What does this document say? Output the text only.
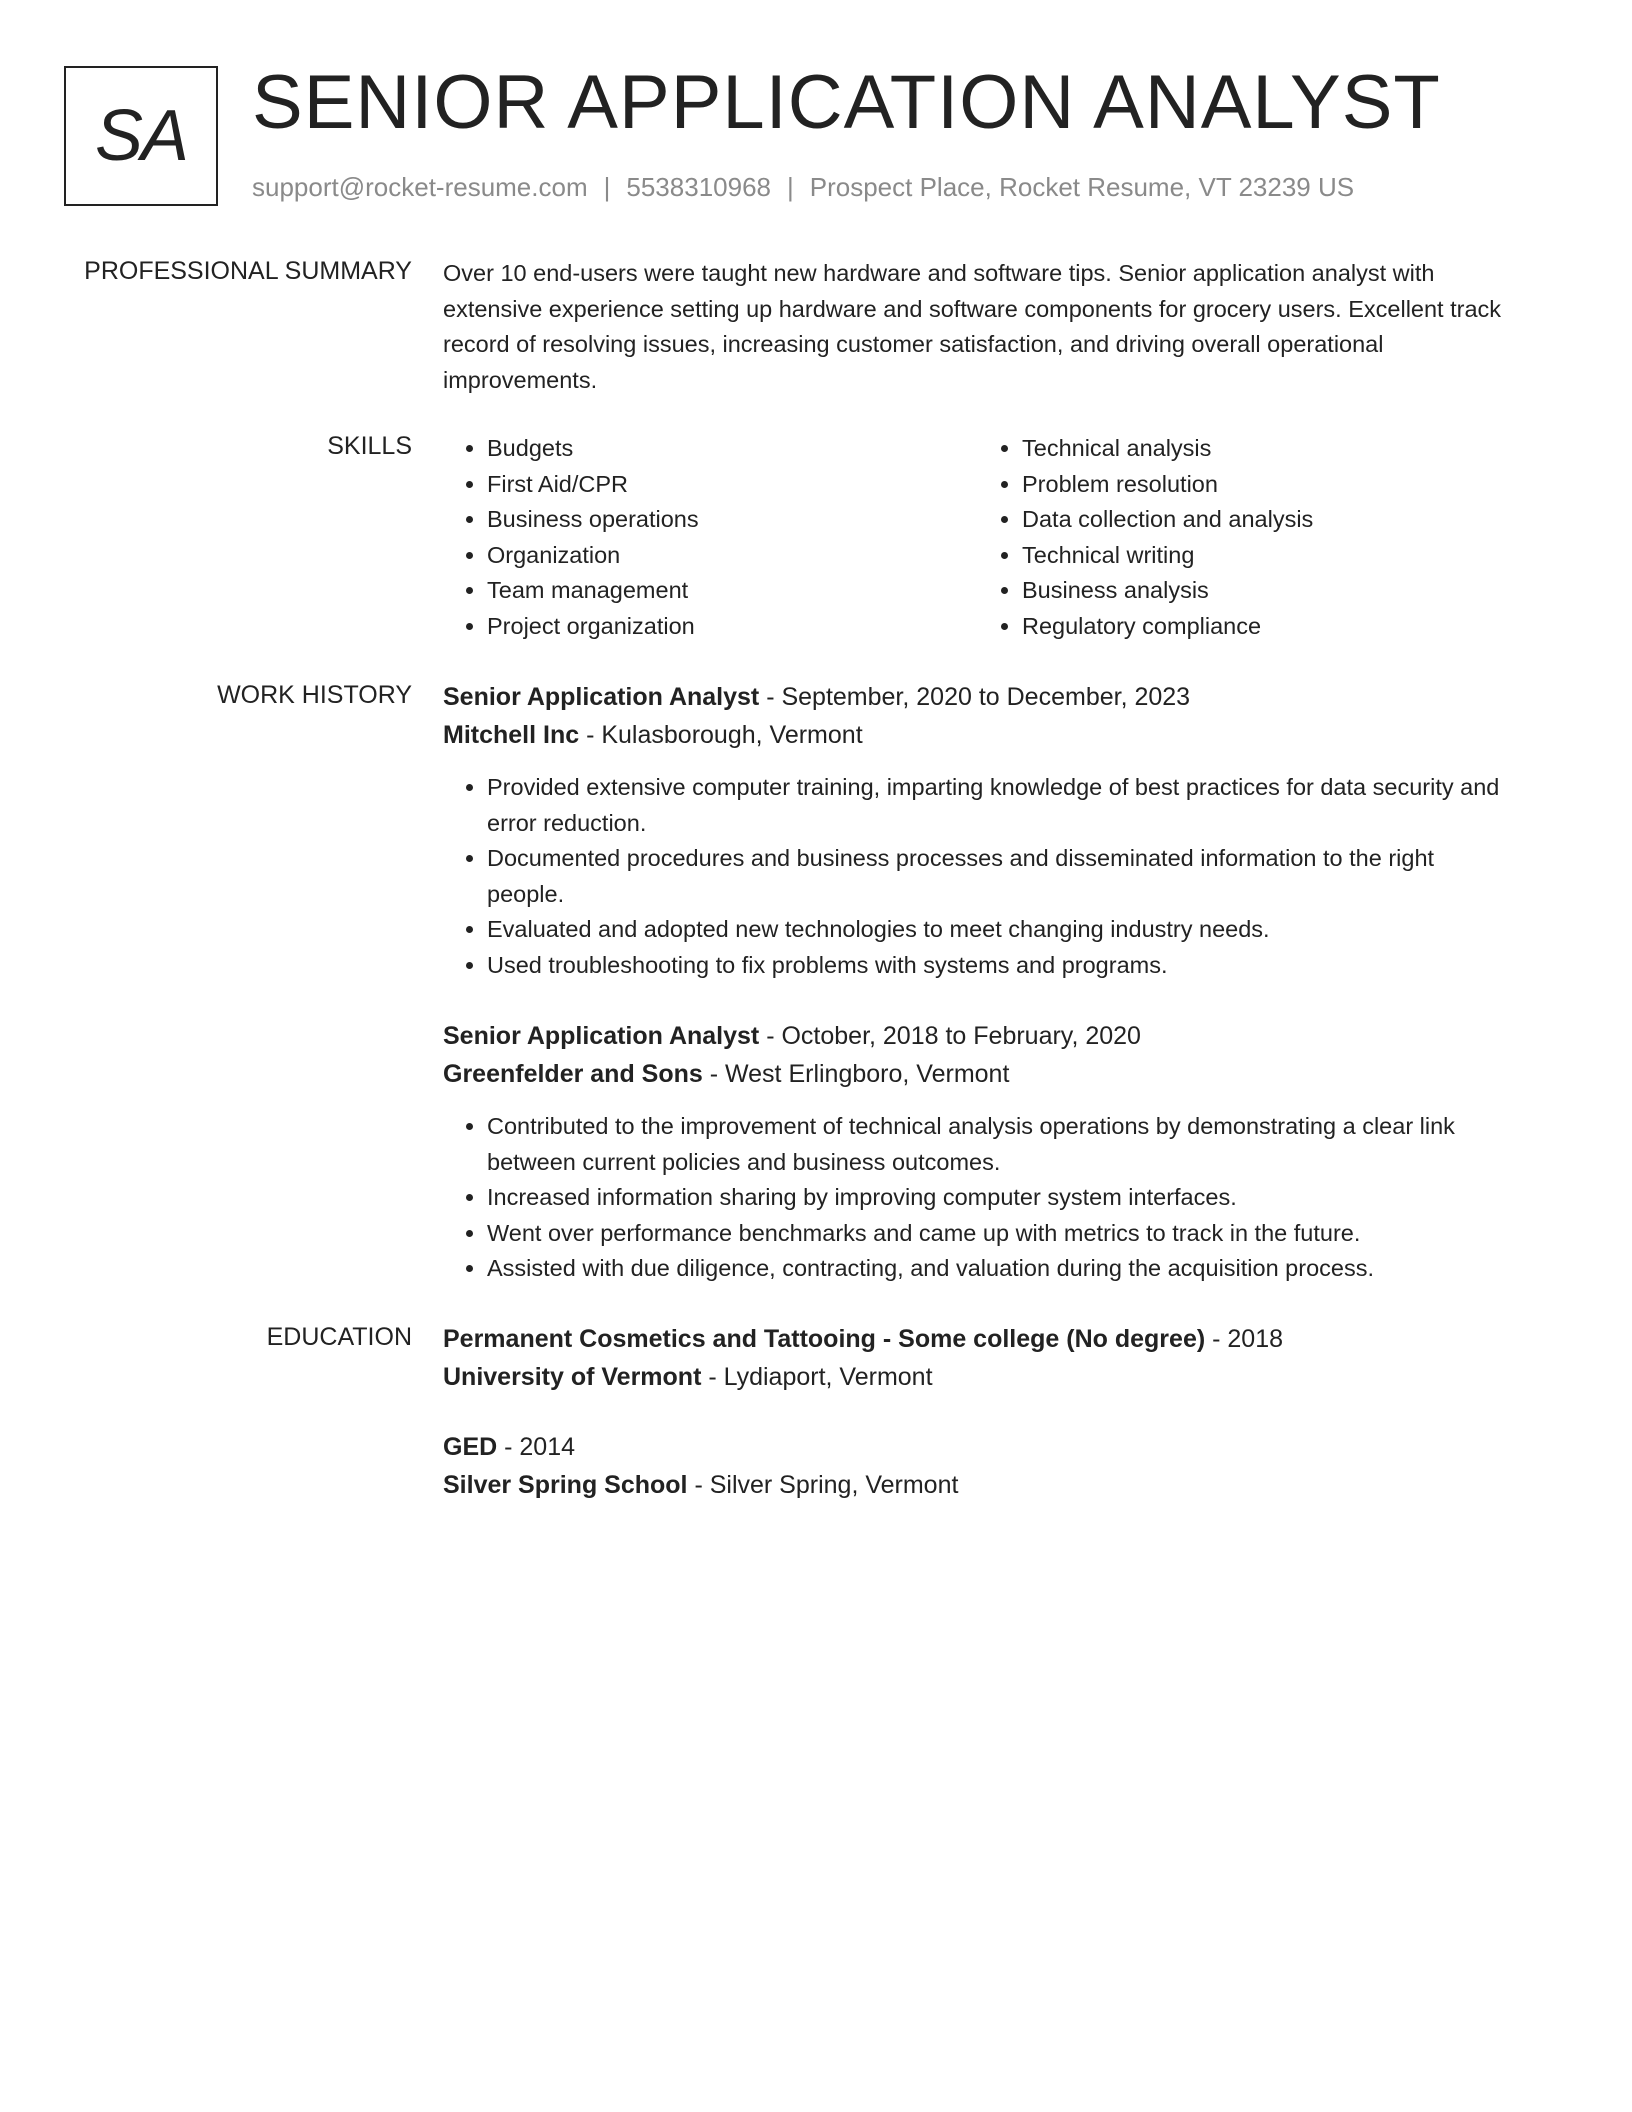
SA SENIOR APPLICATION ANALYST
support@rocket-resume.com | 5538310968 | Prospect Place, Rocket Resume, VT 23239 US
PROFESSIONAL SUMMARY Over 10 end-users were taught new hardware and software tips. Senior application analyst with extensive experience setting up hardware and software components for grocery users. Excellent track record of resolving issues, increasing customer satisfaction, and driving overall operational improvements.

SKILLS
•	Budgets
• First Aid/CPR
• Business operations
• Organization
• Team management
• Project organization
• Technical analysis
• Problem resolution
• Data collection and analysis
• Technical writing
• Business analysis
• Regulatory compliance
WORK HISTORY Senior Application Analyst - September, 2020 to December, 2023
Mitchell Inc - Kulasborough, Vermont
• Provided extensive computer training, imparting knowledge of best practices for data security and error reduction.
• Documented procedures and business processes and disseminated information to the right people.
• Evaluated and adopted new technologies to meet changing industry needs.
• Used troubleshooting to fix problems with systems and programs.
Senior Application Analyst - October, 2018 to February, 2020
Greenfelder and Sons - West Erlingboro, Vermont
• Contributed to the improvement of technical analysis operations by demonstrating a clear link between current policies and business outcomes.
• Increased information sharing by improving computer system interfaces.
• Went over performance benchmarks and came up with metrics to track in the future.
• Assisted with due diligence, contracting, and valuation during the acquisition process.
EDUCATION Permanent Cosmetics and Tattooing - Some college (No degree) - 2018
University of Vermont - Lydiaport, Vermont
GED - 2014
Silver Spring School - Silver Spring, Vermont
